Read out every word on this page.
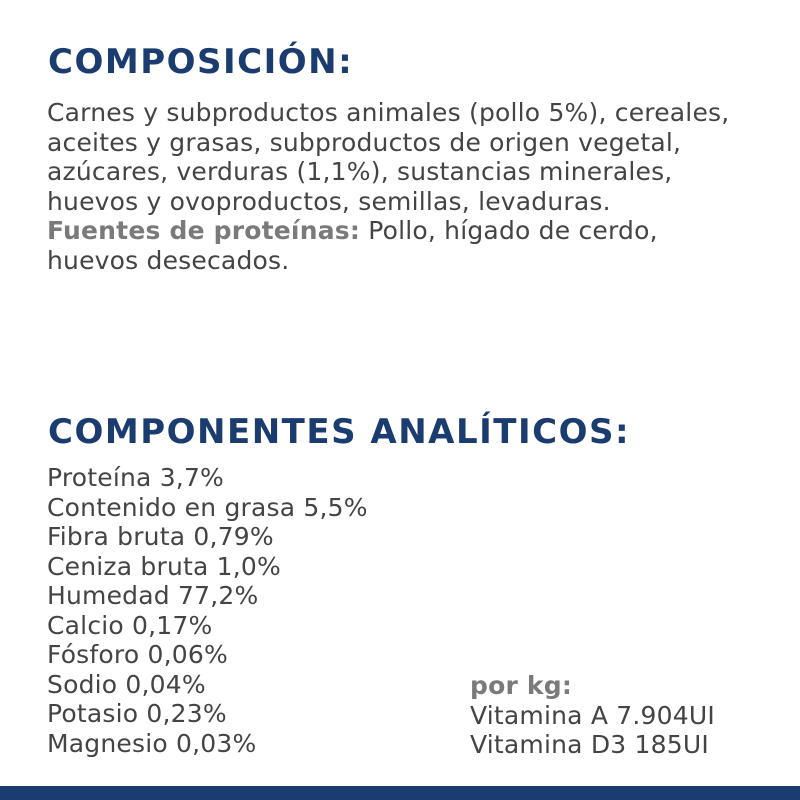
COMPOSICIÓN:
Carnes y subproductos animales (pollo 5%), cereales,
aceites y grasas, subproductos de origen vegetal,
azúcares, verduras (1,1%), sustancias minerales,
huevos y ovoproductos, semillas, levaduras.
Fuentes de proteínas: Pollo, hígado de cerdo,
huevos desecados.
COMPONENTES ANALÍTICOS:
Proteína 3,7%
Contenido en grasa 5,5%
Fibra bruta 0,79%
Ceniza bruta 1,0%
Humedad 77,2%
Calcio 0,17%
Fósforo 0,06%
Sodio 0,04%
Potasio 0,23%
Magnesio 0,03%
por kg:
Vitamina A 7.904UI
Vitamina D3 185UI
